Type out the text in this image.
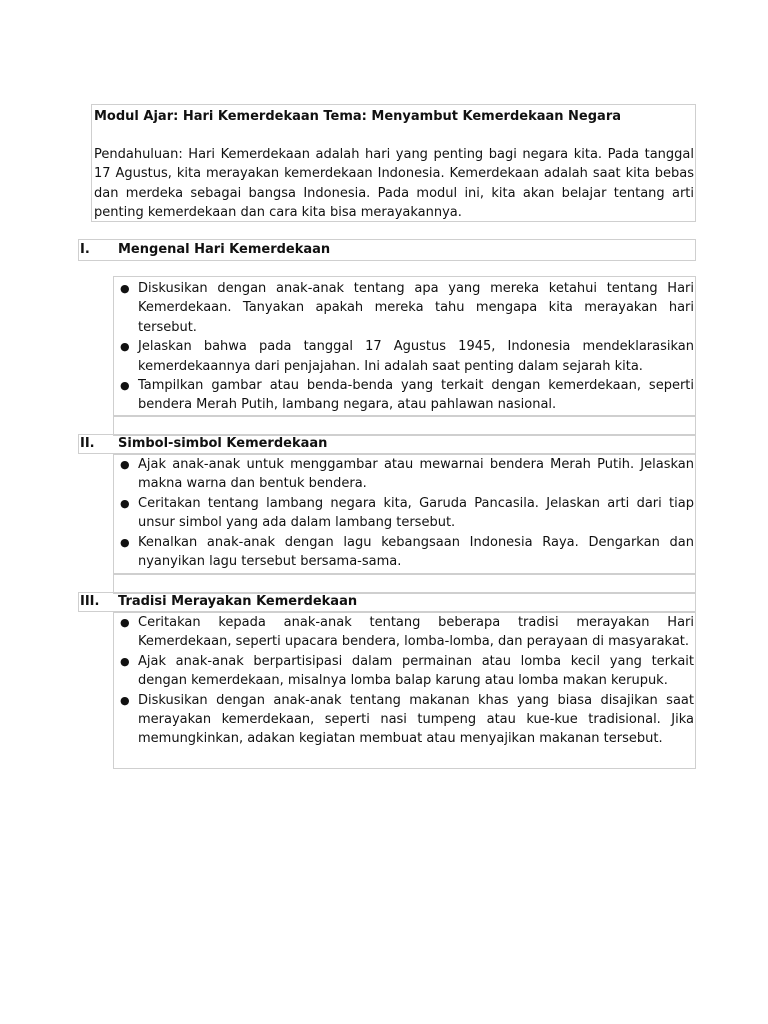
Modul Ajar: Hari Kemerdekaan Tema: Menyambut Kemerdekaan Negara
Pendahuluan: Hari Kemerdekaan adalah hari yang penting bagi negara kita. Pada tanggal 17 Agustus, kita merayakan kemerdekaan Indonesia. Kemerdekaan adalah saat kita bebas dan merdeka sebagai bangsa Indonesia. Pada modul ini, kita akan belajar tentang arti penting kemerdekaan dan cara kita bisa merayakannya.
I. Mengenal Hari Kemerdekaan
● Diskusikan dengan anak-anak tentang apa yang mereka ketahui tentang Hari Kemerdekaan. Tanyakan apakah mereka tahu mengapa kita merayakan hari tersebut.
● Jelaskan bahwa pada tanggal 17 Agustus 1945, Indonesia mendeklarasikan kemerdekaannya dari penjajahan. Ini adalah saat penting dalam sejarah kita.
● Tampilkan gambar atau benda-benda yang terkait dengan kemerdekaan, seperti bendera Merah Putih, lambang negara, atau pahlawan nasional.
II. Simbol-simbol Kemerdekaan
● Ajak anak-anak untuk menggambar atau mewarnai bendera Merah Putih. Jelaskan makna warna dan bentuk bendera.
● Ceritakan tentang lambang negara kita, Garuda Pancasila. Jelaskan arti dari tiap unsur simbol yang ada dalam lambang tersebut.
● Kenalkan anak-anak dengan lagu kebangsaan Indonesia Raya. Dengarkan dan nyanyikan lagu tersebut bersama-sama.
III. Tradisi Merayakan Kemerdekaan
● Ceritakan kepada anak-anak tentang beberapa tradisi merayakan Hari Kemerdekaan, seperti upacara bendera, lomba-lomba, dan perayaan di masyarakat.
● Ajak anak-anak berpartisipasi dalam permainan atau lomba kecil yang terkait dengan kemerdekaan, misalnya lomba balap karung atau lomba makan kerupuk.
● Diskusikan dengan anak-anak tentang makanan khas yang biasa disajikan saat merayakan kemerdekaan, seperti nasi tumpeng atau kue-kue tradisional. Jika memungkinkan, adakan kegiatan membuat atau menyajikan makanan tersebut.
